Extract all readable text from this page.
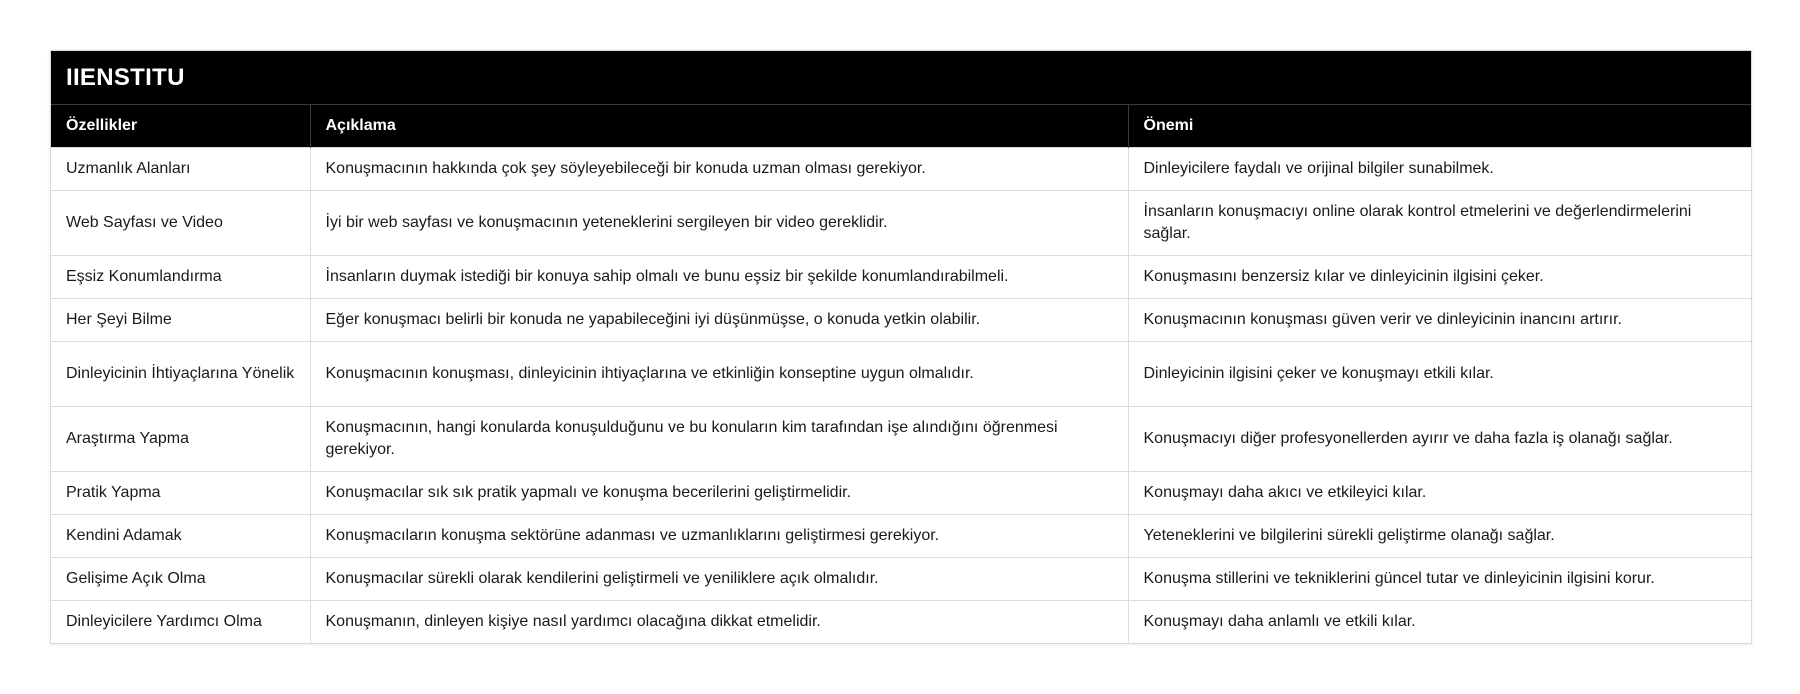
IIENSTITU
Özellikler	Açıklama	Önemi
Uzmanlık Alanları	Konuşmacının hakkında çok şey söyleyebileceği bir konuda uzman olması gerekiyor.	Dinleyicilere faydalı ve orijinal bilgiler sunabilmek.
Web Sayfası ve Video	İyi bir web sayfası ve konuşmacının yeteneklerini sergileyen bir video gereklidir.	İnsanların konuşmacıyı online olarak kontrol etmelerini ve değerlendirmelerini sağlar.
Eşsiz Konumlandırma	İnsanların duymak istediği bir konuya sahip olmalı ve bunu eşsiz bir şekilde konumlandırabilmeli.	Konuşmasını benzersiz kılar ve dinleyicinin ilgisini çeker.
Her Şeyi Bilme	Eğer konuşmacı belirli bir konuda ne yapabileceğini iyi düşünmüşse, o konuda yetkin olabilir.	Konuşmacının konuşması güven verir ve dinleyicinin inancını artırır.
Dinleyicinin İhtiyaçlarına Yönelik	Konuşmacının konuşması, dinleyicinin ihtiyaçlarına ve etkinliğin konseptine uygun olmalıdır.	Dinleyicinin ilgisini çeker ve konuşmayı etkili kılar.
Araştırma Yapma	Konuşmacının, hangi konularda konuşulduğunu ve bu konuların kim tarafından işe alındığını öğrenmesi gerekiyor.	Konuşmacıyı diğer profesyonellerden ayırır ve daha fazla iş olanağı sağlar.
Pratik Yapma	Konuşmacılar sık sık pratik yapmalı ve konuşma becerilerini geliştirmelidir.	Konuşmayı daha akıcı ve etkileyici kılar.
Kendini Adamak	Konuşmacıların konuşma sektörüne adanması ve uzmanlıklarını geliştirmesi gerekiyor.	Yeteneklerini ve bilgilerini sürekli geliştirme olanağı sağlar.
Gelişime Açık Olma	Konuşmacılar sürekli olarak kendilerini geliştirmeli ve yeniliklere açık olmalıdır.	Konuşma stillerini ve tekniklerini güncel tutar ve dinleyicinin ilgisini korur.
Dinleyicilere Yardımcı Olma	Konuşmanın, dinleyen kişiye nasıl yardımcı olacağına dikkat etmelidir.	Konuşmayı daha anlamlı ve etkili kılar.
